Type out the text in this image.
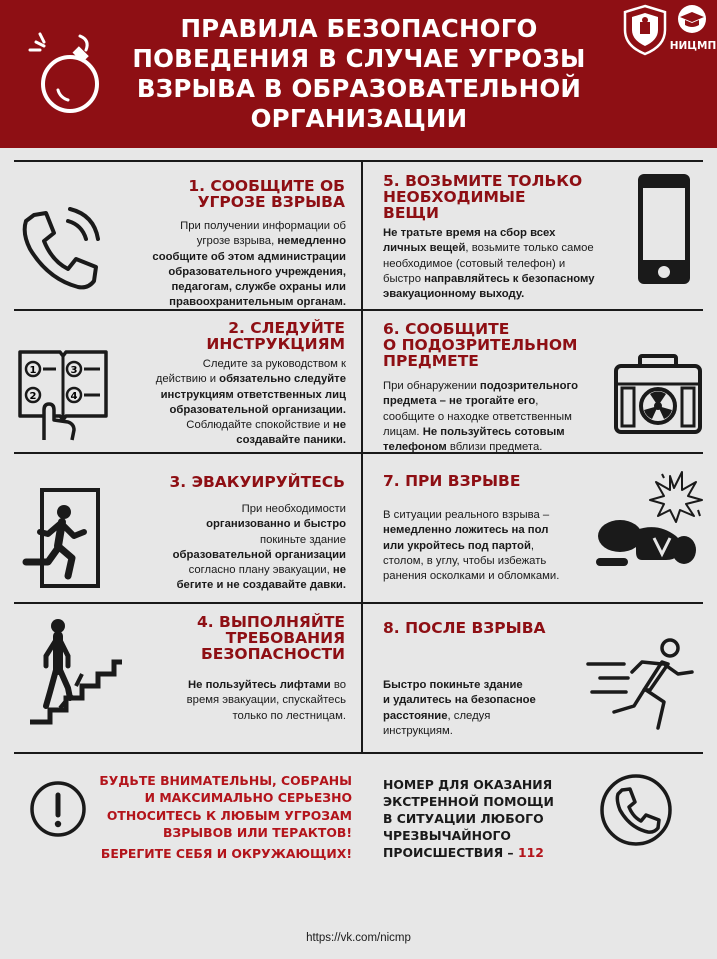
ПРАВИЛА БЕЗОПАСНОГО
ПОВЕДЕНИЯ В СЛУЧАЕ УГРОЗЫ
ВЗРЫВА В ОБРАЗОВАТЕЛЬНОЙ
ОРГАНИЗАЦИИ
НИЦМП
1. СООБЩИТЕ ОБ
УГРОЗЕ ВЗРЫВА
При получении информации об
угрозе взрыва, немедленно
сообщите об этом администрации
образовательного учреждения,
педагогам, службе охраны или
правоохранительным органам.
1
2
3
4
2. СЛЕДУЙТЕ
ИНСТРУКЦИЯМ
Следите за руководством к
действию и обязательно следуйте
инструкциям ответственных лиц
образовательной организации.
Соблюдайте спокойствие и не
создавайте паники.
3. ЭВАКУИРУЙТЕСЬ
При необходимости
организованно и быстро
покиньте здание
образовательной организации
согласно плану эвакуации, не
бегите и не создавайте давки.
4. ВЫПОЛНЯЙТЕ
ТРЕБОВАНИЯ
БЕЗОПАСНОСТИ
Не пользуйтесь лифтами во
время эвакуации, спускайтесь
только по лестницам.
5. ВОЗЬМИТЕ ТОЛЬКО
НЕОБХОДИМЫЕ
ВЕЩИ
Не тратьте время на сбор всех
личных вещей, возьмите только самое
необходимое (сотовый телефон) и
быстро направляйтесь к безопасному
эвакуационному выходу.
6. СООБЩИТЕ
О ПОДОЗРИТЕЛЬНОМ
ПРЕДМЕТЕ
При обнаружении подозрительного
предмета – не трогайте его,
сообщите о находке ответственным
лицам. Не пользуйтесь сотовым
телефоном вблизи предмета.
7. ПРИ ВЗРЫВЕ
В ситуации реального взрыва –
немедленно ложитесь на пол
или укройтесь под партой,
столом, в углу, чтобы избежать
ранения осколками и обломками.
8. ПОСЛЕ ВЗРЫВА
Быстро покиньте здание
и удалитесь на безопасное
расстояние, следуя
инструкциям.
БУДЬТЕ ВНИМАТЕЛЬНЫ, СОБРАНЫ
И МАКСИМАЛЬНО СЕРЬЕЗНО
ОТНОСИТЕСЬ К ЛЮБЫМ УГРОЗАМ
ВЗРЫВОВ ИЛИ ТЕРАКТОВ!
БЕРЕГИТЕ СЕБЯ И ОКРУЖАЮЩИХ!
НОМЕР ДЛЯ ОКАЗАНИЯ
ЭКСТРЕННОЙ ПОМОЩИ
В СИТУАЦИИ ЛЮБОГО
ЧРЕЗВЫЧАЙНОГО
ПРОИСШЕСТВИЯ – 112
https://vk.com/nicmp
